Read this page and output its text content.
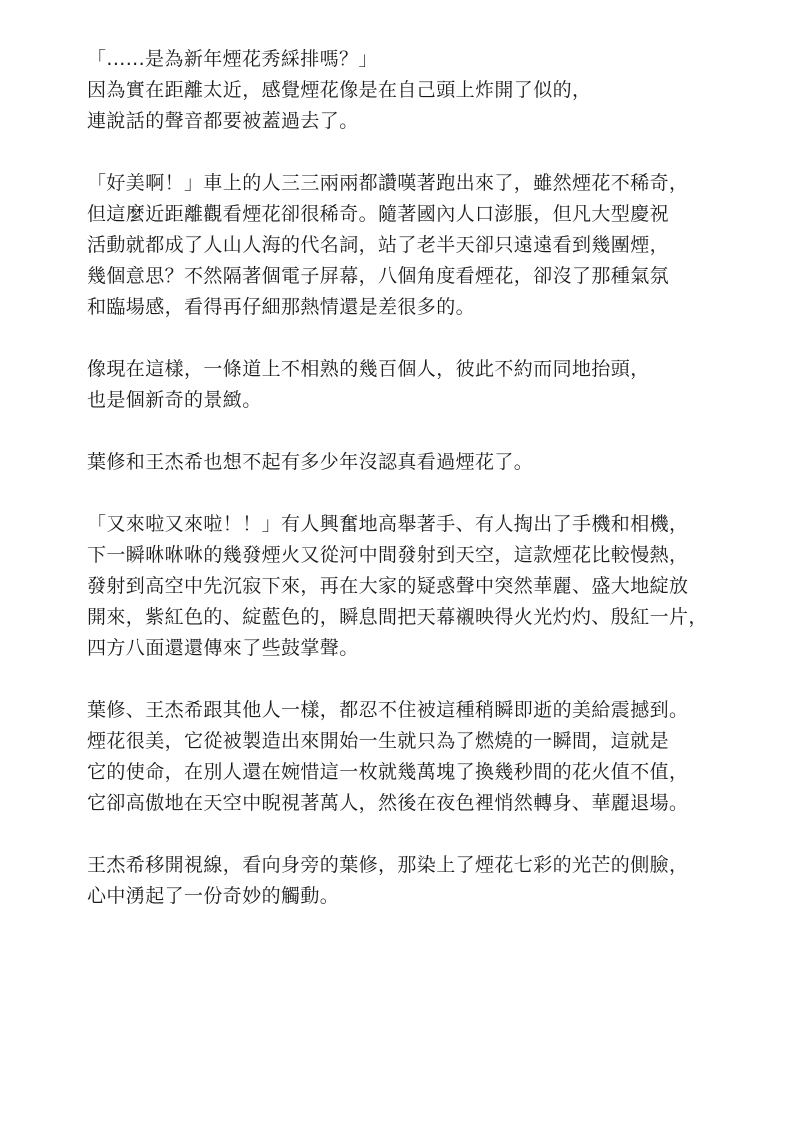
「......是為新年煙花秀綵排嗎？」
因為實在距離太近，感覺煙花像是在自己頭上炸開了似的，
連說話的聲音都要被蓋過去了。
「好美啊！」車上的人三三兩兩都讚嘆著跑出來了，雖然煙花不稀奇，
但這麼近距離觀看煙花卻很稀奇。隨著國內人口澎脹，但凡大型慶祝
活動就都成了人山人海的代名詞，站了老半天卻只遠遠看到幾團煙，
幾個意思？不然隔著個電子屏幕，八個角度看煙花，卻沒了那種氣氛
和臨場感，看得再仔細那熱情還是差很多的。
像現在這樣，一條道上不相熟的幾百個人，彼此不約而同地抬頭，
也是個新奇的景緻。
葉修和王杰希也想不起有多少年沒認真看過煙花了。
「又來啦又來啦！！」有人興奮地高舉著手、有人掏出了手機和相機，
下一瞬咻咻咻的幾發煙火又從河中間發射到天空，這款煙花比較慢熱，
發射到高空中先沉寂下來，再在大家的疑惑聲中突然華麗、盛大地綻放
開來，紫紅色的、綻藍色的，瞬息間把天幕襯映得火光灼灼、殷紅一片，
四方八面還還傳來了些鼓掌聲。
葉修、王杰希跟其他人一樣，都忍不住被這種稍瞬即逝的美給震撼到。
煙花很美，它從被製造出來開始一生就只為了燃燒的一瞬間，這就是
它的使命，在別人還在婉惜這一枚就幾萬塊了換幾秒間的花火值不值，
它卻高傲地在天空中睨視著萬人，然後在夜色裡悄然轉身、華麗退場。
王杰希移開視線，看向身旁的葉修，那染上了煙花七彩的光芒的側臉，
心中湧起了一份奇妙的觸動。
